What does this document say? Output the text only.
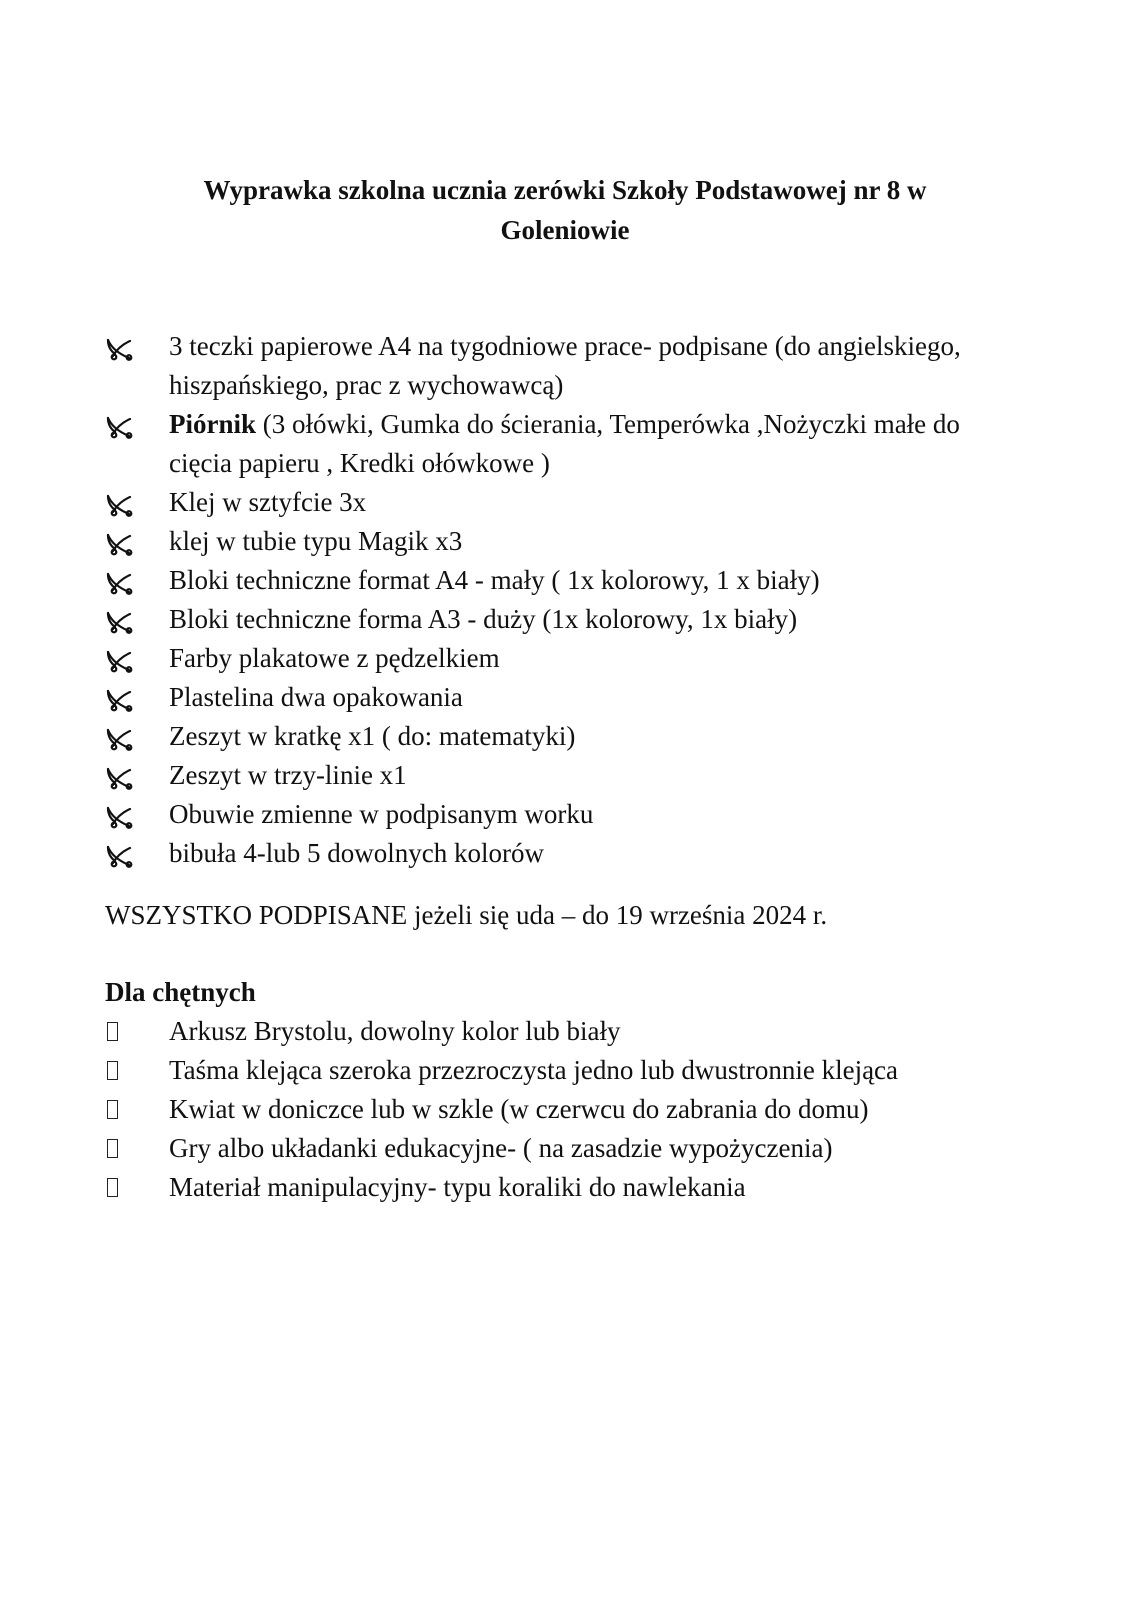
Wyprawka szkolna ucznia zerówki Szkoły Podstawowej nr 8 w Goleniowie
3 teczki papierowe A4 na tygodniowe prace- podpisane (do angielskiego, hiszpańskiego, prac z wychowawcą)
Piórnik (3 ołówki, Gumka do ścierania, Temperówka ,Nożyczki małe do cięcia papieru , Kredki ołówkowe )
Klej w sztyfcie 3x
klej w tubie typu Magik x3
Bloki techniczne format A4 - mały ( 1x kolorowy, 1 x biały)
Bloki techniczne forma A3 - duży (1x kolorowy, 1x biały)
Farby plakatowe z pędzelkiem
Plastelina dwa opakowania
Zeszyt w kratkę x1 ( do: matematyki)
Zeszyt w trzy-linie x1
Obuwie zmienne w podpisanym worku
bibuła 4-lub 5 dowolnych kolorów
WSZYSTKO PODPISANE jeżeli się uda – do 19 września 2024 r.
Dla chętnych
Arkusz Brystolu, dowolny kolor lub biały
Taśma klejąca szeroka przezroczysta jedno lub dwustronnie klejąca
Kwiat w doniczce lub w szkle (w czerwcu do zabrania do domu)
Gry albo układanki edukacyjne- ( na zasadzie wypożyczenia)
Materiał manipulacyjny- typu koraliki do nawlekania
